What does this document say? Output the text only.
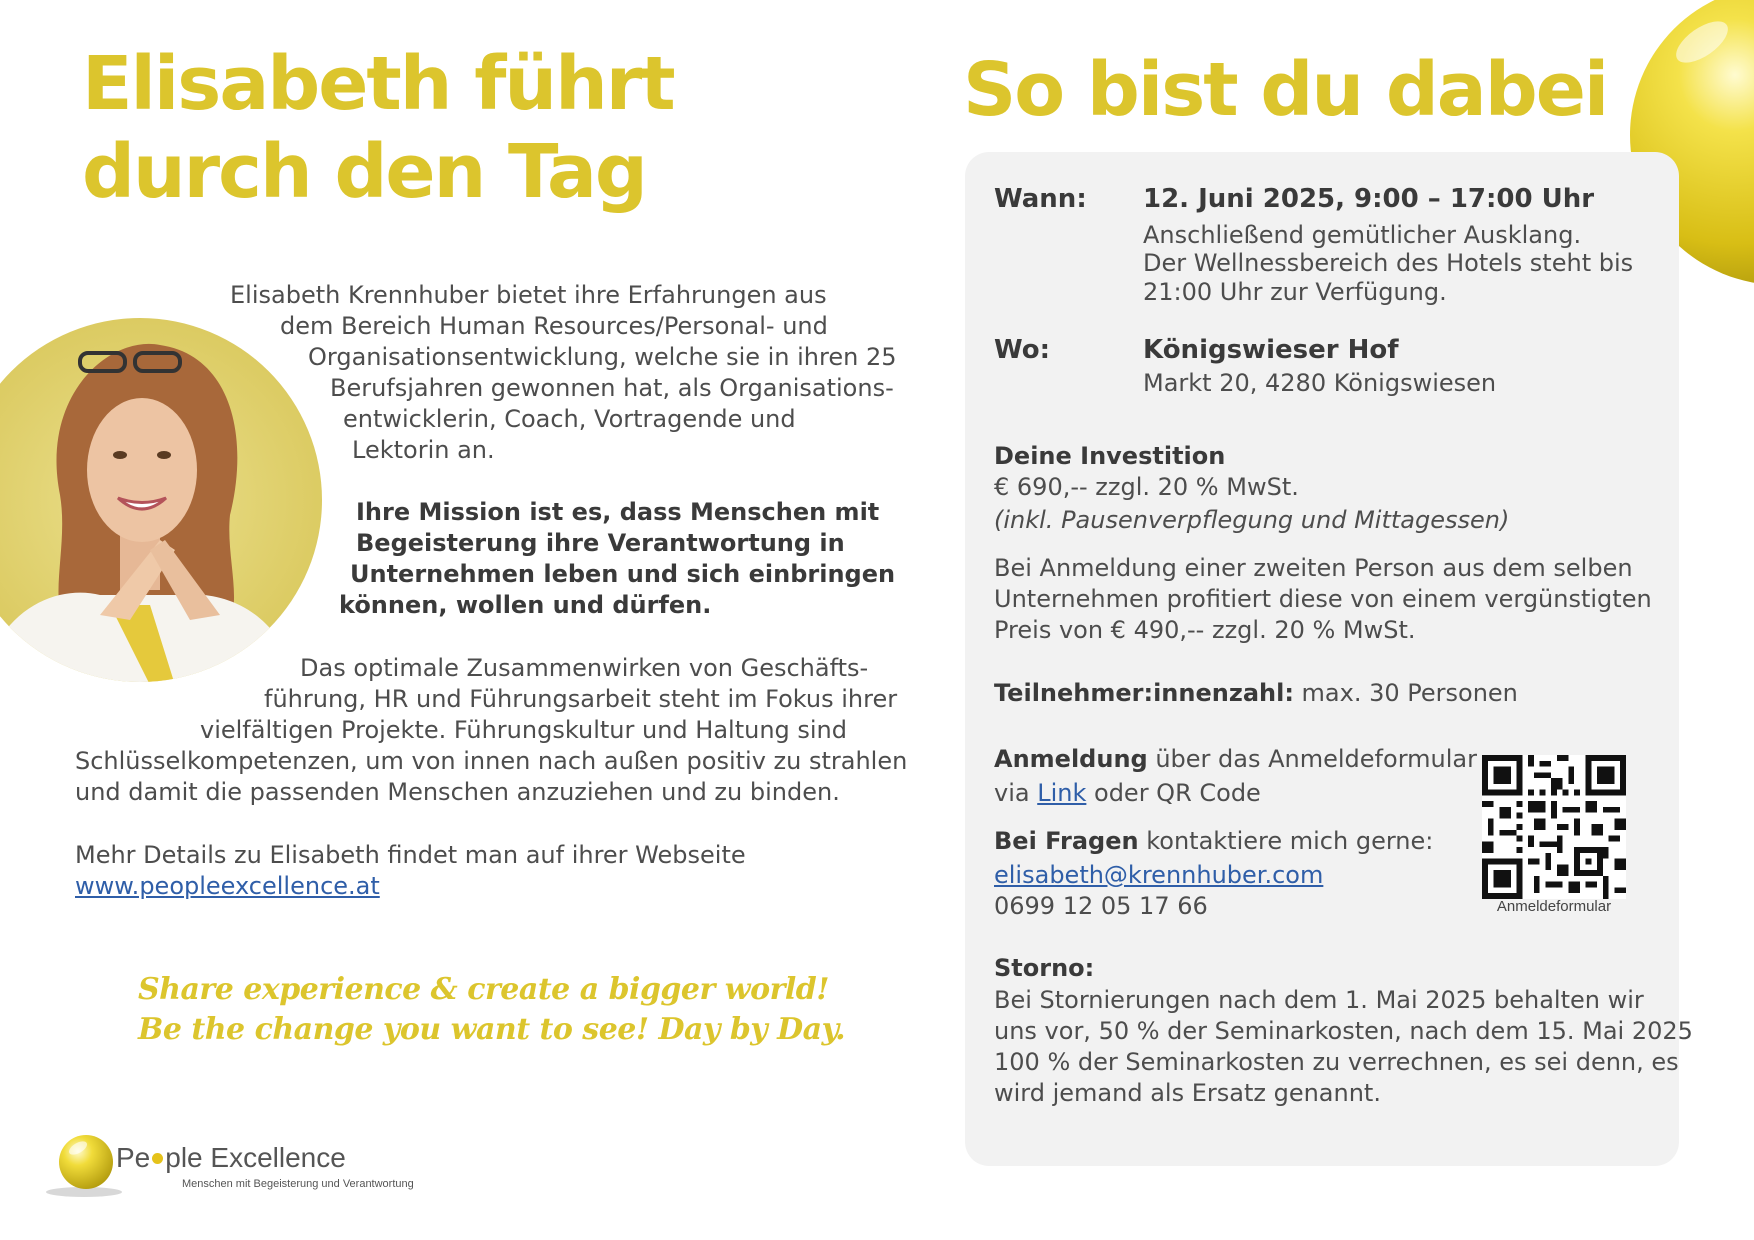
Elisabeth führt
durch den Tag
Elisabeth Krennhuber bietet ihre Erfahrungen aus
dem Bereich Human Resources/Personal- und
Organisationsentwicklung, welche sie in ihren 25
Berufsjahren gewonnen hat, als Organisations-
entwicklerin, Coach, Vortragende und
Lektorin an.
Ihre Mission ist es, dass Menschen mit
Begeisterung ihre Verantwortung in
Unternehmen leben und sich einbringen
können, wollen und dürfen.
Das optimale Zusammenwirken von Geschäfts-
führung, HR und Führungsarbeit steht im Fokus ihrer
vielfältigen Projekte. Führungskultur und Haltung sind
Schlüsselkompetenzen, um von innen nach außen positiv zu strahlen
und damit die passenden Menschen anzuziehen und zu binden.
Mehr Details zu Elisabeth findet man auf ihrer Webseite
www.peopleexcellence.at
Share experience & create a bigger world!
Be the change you want to see! Day by Day.
Pe ple Excellence
Menschen mit Begeisterung und Verantwortung
So bist du dabei
Wann: 12. Juni 2025, 9:00 – 17:00 Uhr
Anschließend gemütlicher Ausklang.
Der Wellnessbereich des Hotels steht bis
21:00 Uhr zur Verfügung.
Wo:	Königswieser Hof
Markt 20, 4280 Königswiesen
Deine Investition
€ 690,-- zzgl. 20 % MwSt.
(inkl. Pausenverpflegung und Mittagessen)
Bei Anmeldung einer zweiten Person aus dem selben
Unternehmen profitiert diese von einem vergünstigten
Preis von € 490,-- zzgl. 20 % MwSt.
Teilnehmer:innenzahl: max. 30 Personen
Anmeldung über das Anmeldeformular
via Link oder QR Code
Bei Fragen kontaktiere mich gerne:
elisabeth@krennhuber.com
0699 12 05 17 66	Anmeldeformular
Storno:
Bei Stornierungen nach dem 1. Mai 2025 behalten wir
uns vor, 50 % der Seminarkosten, nach dem 15. Mai 2025
100 % der Seminarkosten zu verrechnen, es sei denn, es
wird jemand als Ersatz genannt.
